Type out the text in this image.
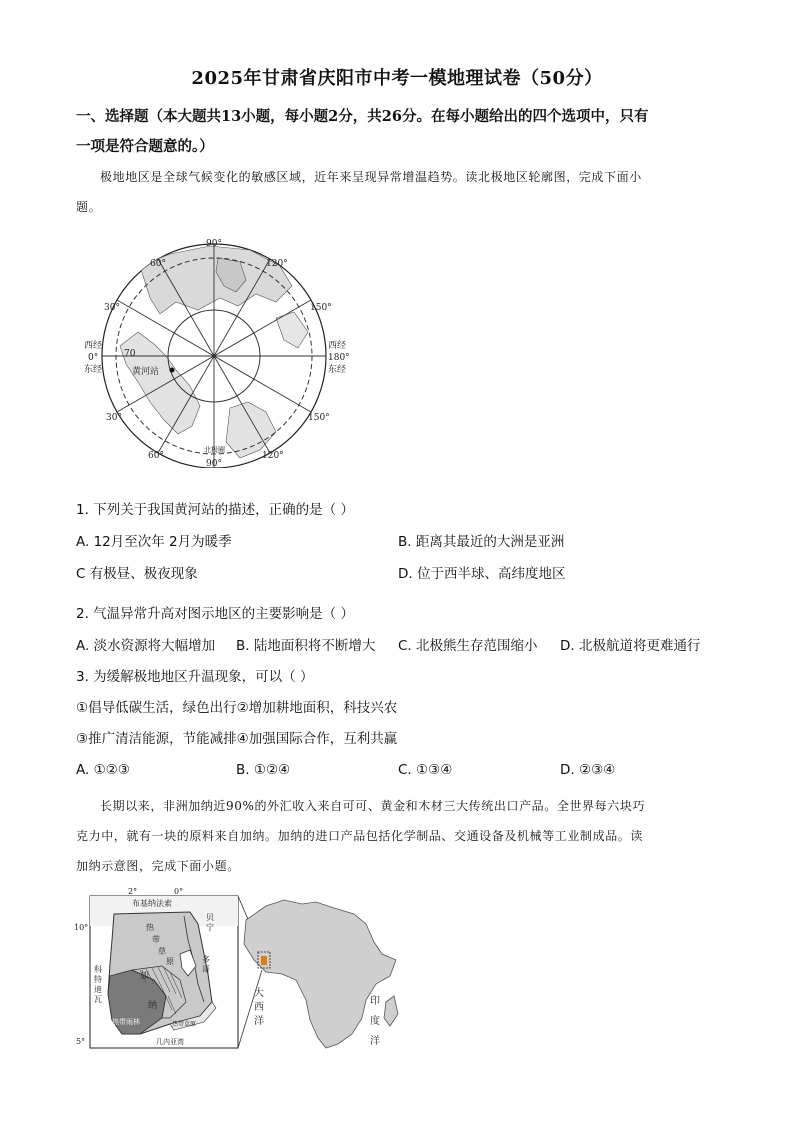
2025年甘肃省庆阳市中考一模地理试卷（50分）
一、选择题（本大题共13小题，每小题2分，共26分。在每小题给出的四个选项中，只有
一项是符合题意的。）
极地地区是全球气候变化的敏感区域，近年来呈现异常增温趋势。读北极地区轮廓图，完成下面小
题。
90°
90°
60°	120°
30°	150°
30°	150°
60°	120°
70
西经
0°
东经
西经
180°
东经
黄河站
北极圈
1. 下列关于我国黄河站的描述，正确的是（ ）
A. 12月至次年 2月为暖季	B. 距离其最近的大洲是亚洲
C 有极昼、极夜现象	D. 位于西半球、高纬度地区
2. 气温异常升高对图示地区的主要影响是（ ）
A. 淡水资源将大幅增加 B. 陆地面积将不断增大 C. 北极熊生存范围缩小 D. 北极航道将更难通行
3. 为缓解极地地区升温现象，可以（ ）
①倡导低碳生活，绿色出行②增加耕地面积，科技兴农
③推广清洁能源，节能减排④加强国际合作，互利共赢
A. ①②③	B. ①②④	C. ①③④	D. ②③④
长期以来，非洲加纳近90%的外汇收入来自可可、黄金和木材三大传统出口产品。全世界每六块巧
克力中，就有一块的原料来自加纳。加纳的进口产品包括化学制品、交通设备及机械等工业制成品。读
加纳示意图，完成下面小题。
2°	0°
10°
5°
布基纳法索
贝
宁
多
哥
科
特
迪
瓦
热
带
草
原
加
纳
热带雨林	热带草原
几内亚湾
大
西
洋
印
度
洋
